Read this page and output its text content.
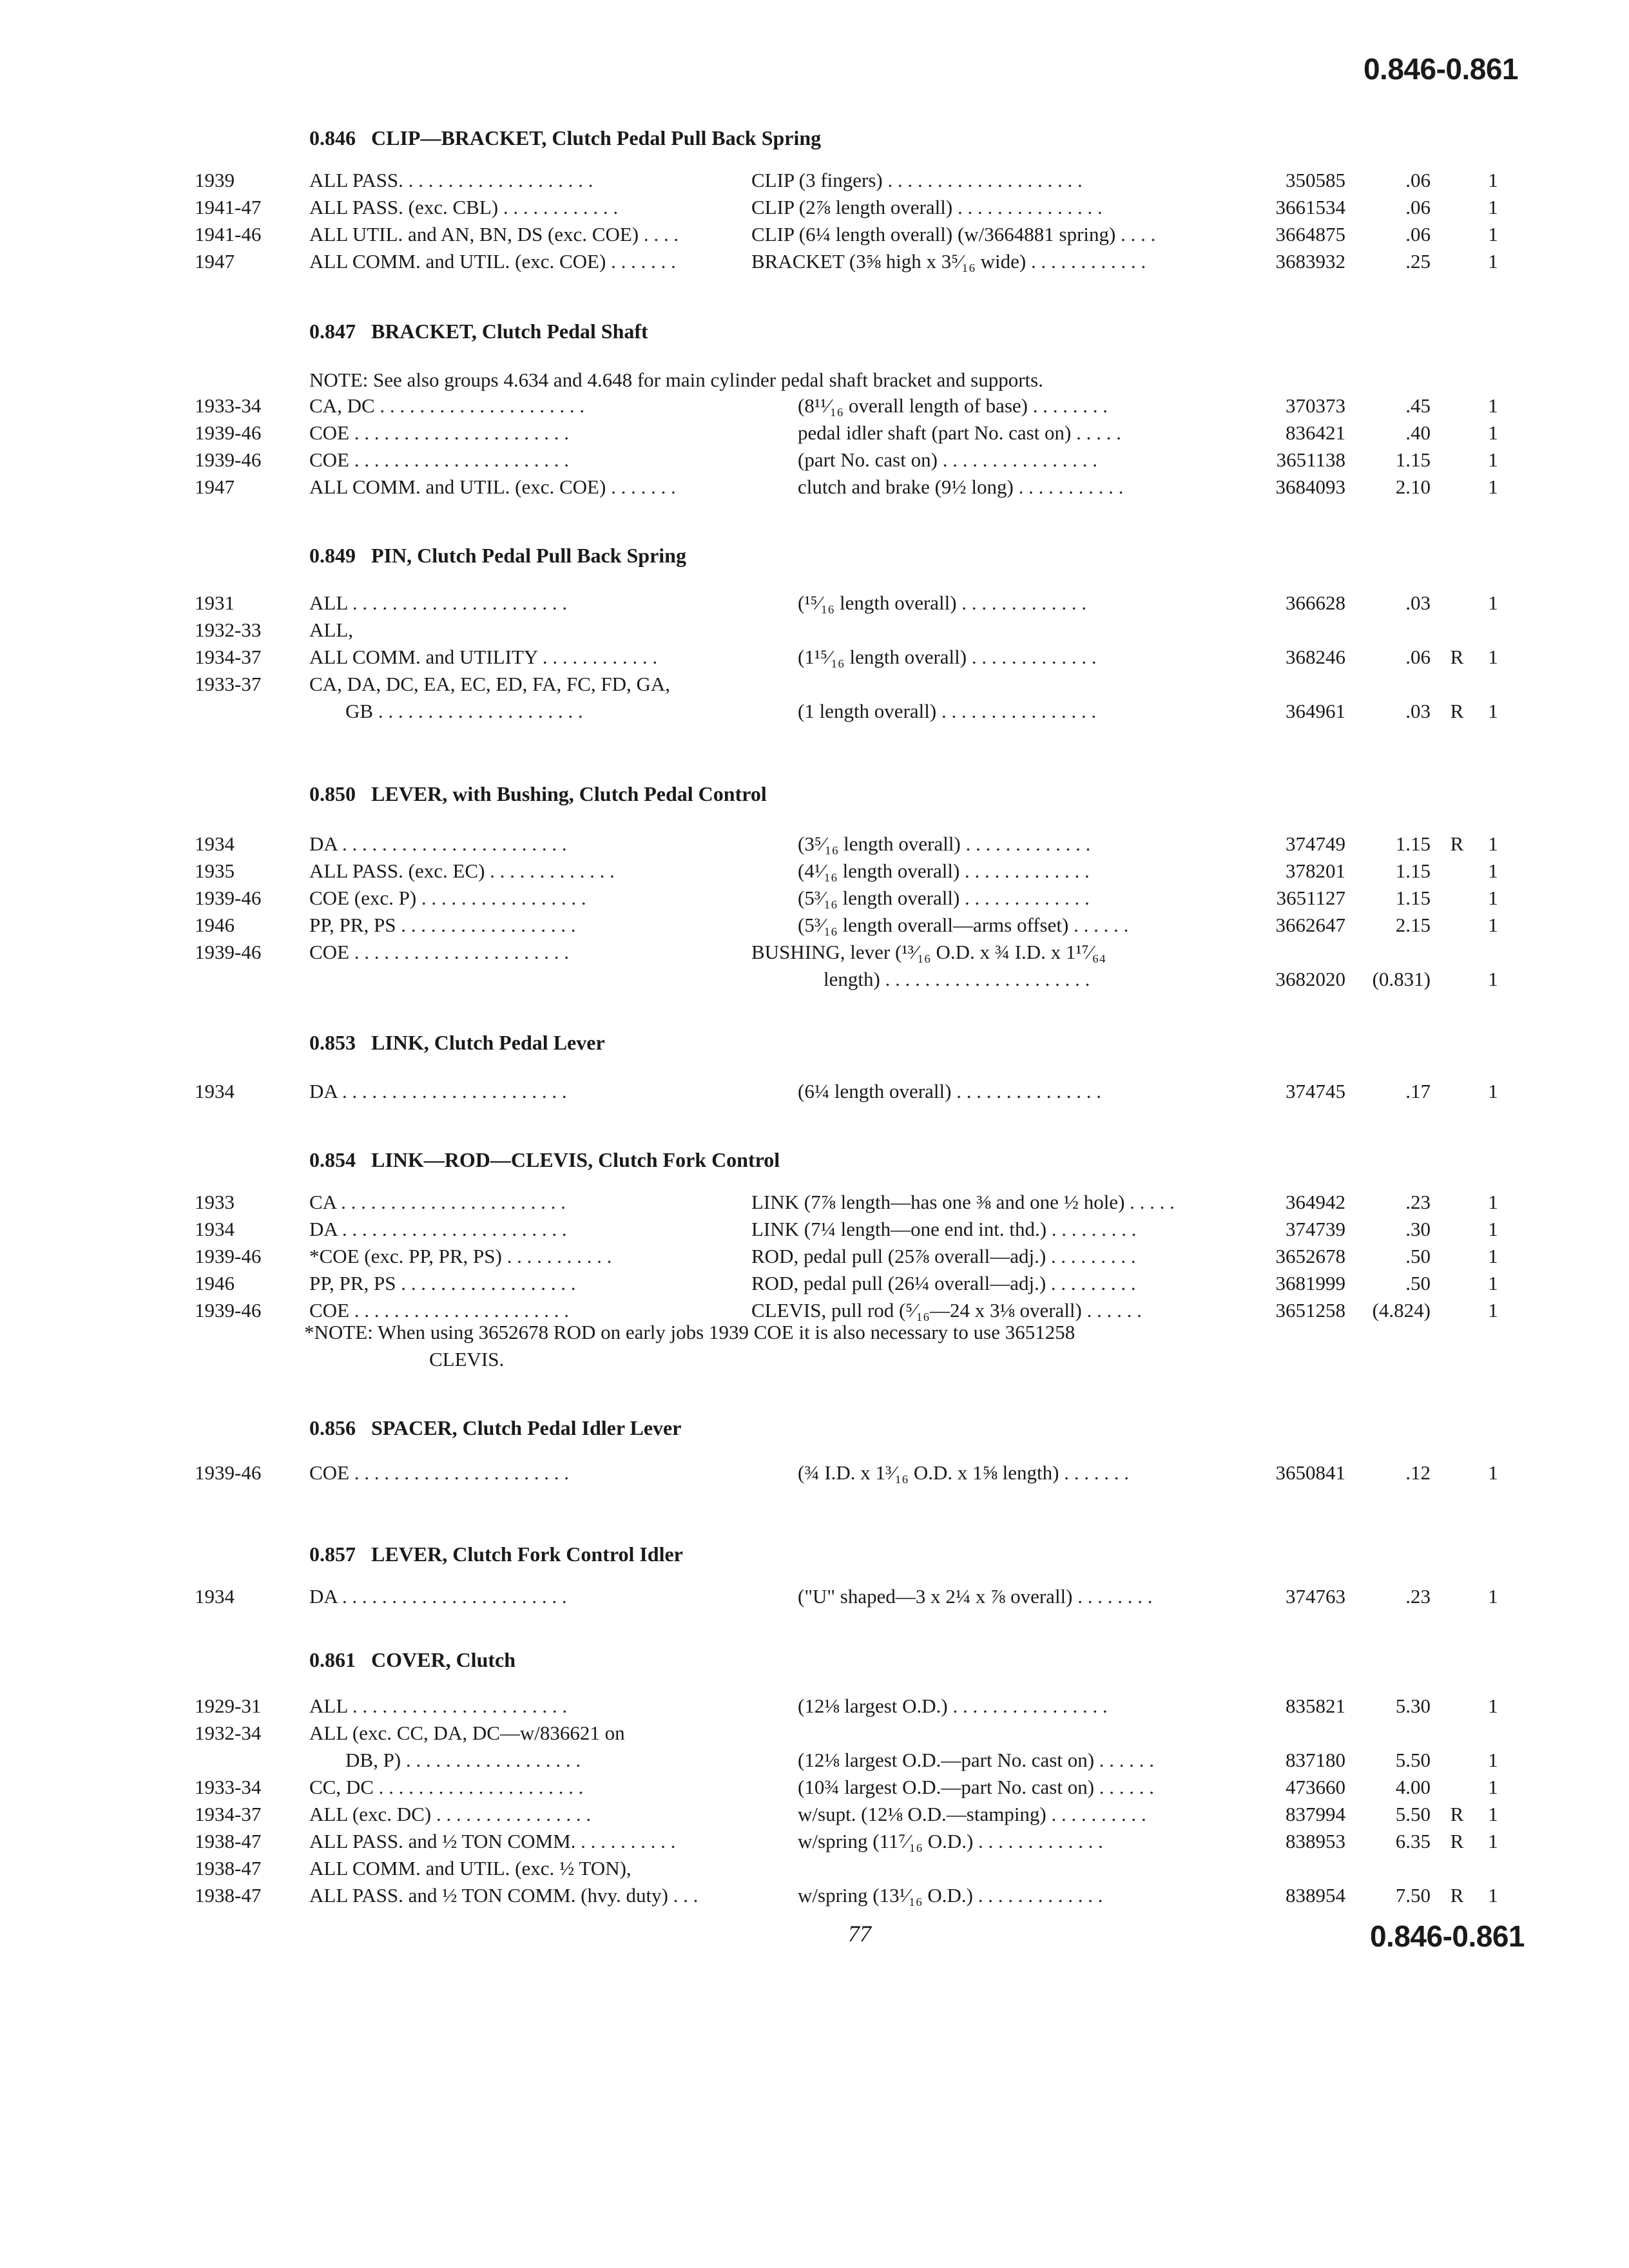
0.846-0.861
0.846 CLIP—BRACKET, Clutch Pedal Pull Back Spring
1939	ALL PASS. . . . . . . . . . . . . . . . . . . .	CLIP (3 fingers) . . . . . . . . . . . . . . . . . . . .	350585	.06	1
1941-47 ALL PASS. (exc. CBL) . . . . . . . . . . . .	CLIP (2⅞ length overall) . . . . . . . . . . . . . . .	3661534	.06	1
1941-46 ALL UTIL. and AN, BN, DS (exc. COE) . . . .	CLIP (6¼ length overall) (w/3664881 spring) . . . .	3664875	.06	1
1947	ALL COMM. and UTIL. (exc. COE) . . . . . . .	BRACKET (3⅝ high x 3⁵⁄₁₆ wide) . . . . . . . . . . . .	3683932	.25	1
0.847 BRACKET, Clutch Pedal Shaft
1933-34 CA, DC . . . . . . . . . . . . . . . . . . . . .	(8¹¹⁄₁₆ overall length of base) . . . . . . . .	370373	.45	1
1939-46 COE . . . . . . . . . . . . . . . . . . . . . .	pedal idler shaft (part No. cast on) . . . . .	836421	.40	1
1939-46 COE . . . . . . . . . . . . . . . . . . . . . .	(part No. cast on) . . . . . . . . . . . . . . . .	3651138	1.15	1
1947	ALL COMM. and UTIL. (exc. COE) . . . . . . .	clutch and brake (9½ long) . . . . . . . . . . .	3684093	2.10	1
NOTE: See also groups 4.634 and 4.648 for main cylinder pedal shaft bracket and supports.
0.849 PIN, Clutch Pedal Pull Back Spring
1931	ALL . . . . . . . . . . . . . . . . . . . . . .	(¹⁵⁄₁₆ length overall) . . . . . . . . . . . . .	366628	.03	1
1932-33 ALL,
1934-37 ALL COMM. and UTILITY . . . . . . . . . . . .	(1¹⁵⁄₁₆ length overall) . . . . . . . . . . . . .	368246	.06 R 1
1933-37 CA, DA, DC, EA, EC, ED, FA, FC, FD, GA,
GB . . . . . . . . . . . . . . . . . . . . .	(1 length overall) . . . . . . . . . . . . . . . .	364961	.03 R 1
0.850 LEVER, with Bushing, Clutch Pedal Control
1934	DA . . . . . . . . . . . . . . . . . . . . . . .	(3⁵⁄₁₆ length overall) . . . . . . . . . . . . .	374749	1.15 R 1
1935	ALL PASS. (exc. EC) . . . . . . . . . . . . .	(4¹⁄₁₆ length overall) . . . . . . . . . . . . .	378201	1.15	1
1939-46 COE (exc. P) . . . . . . . . . . . . . . . . .	(5³⁄₁₆ length overall) . . . . . . . . . . . . .	3651127	1.15	1
1946	PP, PR, PS . . . . . . . . . . . . . . . . . .	(5³⁄₁₆ length overall—arms offset) . . . . . .	3662647	2.15	1
1939-46 COE . . . . . . . . . . . . . . . . . . . . . .	BUSHING, lever (¹³⁄₁₆ O.D. x ¾ I.D. x 1¹⁷⁄₆₄
length) . . . . . . . . . . . . . . . . . . . . .	3682020	(0.831)	1
0.853 LINK, Clutch Pedal Lever
1934	DA . . . . . . . . . . . . . . . . . . . . . . .	(6¼ length overall) . . . . . . . . . . . . . . .	374745	.17	1
0.854 LINK—ROD—CLEVIS, Clutch Fork Control
1933	CA . . . . . . . . . . . . . . . . . . . . . . .	LINK (7⅞ length—has one ⅜ and one ½ hole) . . . . .	364942	.23	1
1934	DA . . . . . . . . . . . . . . . . . . . . . . .	LINK (7¼ length—one end int. thd.) . . . . . . . . .	374739	.30	1
1939-46 *COE (exc. PP, PR, PS) . . . . . . . . . . .	ROD, pedal pull (25⅞ overall—adj.) . . . . . . . . .	3652678	.50	1
1946	PP, PR, PS . . . . . . . . . . . . . . . . . .	ROD, pedal pull (26¼ overall—adj.) . . . . . . . . .	3681999	.50	1
1939-46 COE . . . . . . . . . . . . . . . . . . . . . .	CLEVIS, pull rod (⁵⁄₁₆—24 x 3⅛ overall) . . . . . .	3651258	(4.824)	1
*NOTE: When using 3652678 ROD on early jobs 1939 COE it is also necessary to use 3651258
CLEVIS.
0.856 SPACER, Clutch Pedal Idler Lever
1939-46 COE . . . . . . . . . . . . . . . . . . . . . .	(¾ I.D. x 1³⁄₁₆ O.D. x 1⅝ length) . . . . . . .	3650841	.12	1
0.857 LEVER, Clutch Fork Control Idler
1934	DA . . . . . . . . . . . . . . . . . . . . . . .	("U" shaped—3 x 2¼ x ⅞ overall) . . . . . . . .	374763	.23	1
0.861 COVER, Clutch
1929-31 ALL . . . . . . . . . . . . . . . . . . . . . .	(12⅛ largest O.D.) . . . . . . . . . . . . . . . .	835821	5.30	1
1932-34 ALL (exc. CC, DA, DC—w/836621 on
DB, P) . . . . . . . . . . . . . . . . . .	(12⅛ largest O.D.—part No. cast on) . . . . . .	837180	5.50	1
1933-34 CC, DC . . . . . . . . . . . . . . . . . . . . .	(10¾ largest O.D.—part No. cast on) . . . . . .	473660	4.00	1
1934-37 ALL (exc. DC) . . . . . . . . . . . . . . . .	w/supt. (12⅛ O.D.—stamping) . . . . . . . . . .	837994	5.50 R 1
1938-47 ALL PASS. and ½ TON COMM. . . . . . . . . . .	w/spring (11⁷⁄₁₆ O.D.) . . . . . . . . . . . . .	838953	6.35 R 1
1938-47 ALL COMM. and UTIL. (exc. ½ TON),
1938-47 ALL PASS. and ½ TON COMM. (hvy. duty) . . .	w/spring (13¹⁄₁₆ O.D.) . . . . . . . . . . . . .	838954	7.50 R 1
77	0.846-0.861
